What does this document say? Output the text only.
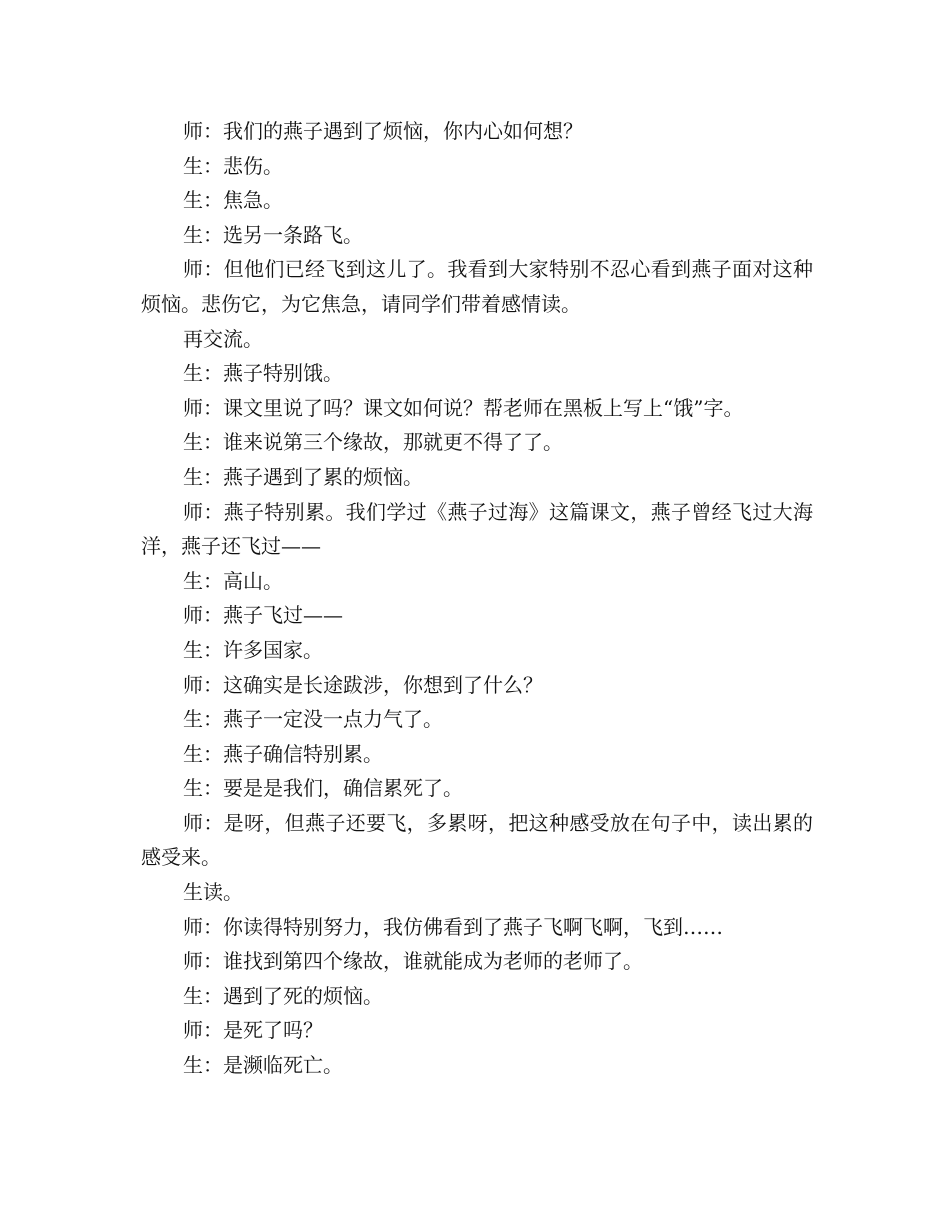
师：我们的燕子遇到了烦恼，你内心如何想？

生：悲伤。

生：焦急。

生：选另一条路飞。

师：但他们已经飞到这儿了。我看到大家特别不忍心看到燕子面对这种烦恼。悲伤它，为它焦急，请同学们带着感情读。

再交流。

生：燕子特别饿。

师：课文里说了吗？课文如何说？帮老师在黑板上写上“饿”字。

生：谁来说第三个缘故，那就更不得了了。

生：燕子遇到了累的烦恼。

师：燕子特别累。我们学过《燕子过海》这篇课文，燕子曾经飞过大海洋，燕子还飞过——

生：高山。

师：燕子飞过——

生：许多国家。

师：这确实是长途跋涉，你想到了什么？

生：燕子一定没一点力气了。

生：燕子确信特别累。

生：要是是我们，确信累死了。

师：是呀，但燕子还要飞，多累呀，把这种感受放在句子中，读出累的感受来。

生读。

师：你读得特别努力，我仿佛看到了燕子飞啊飞啊，飞到……

师：谁找到第四个缘故，谁就能成为老师的老师了。

生：遇到了死的烦恼。

师：是死了吗？

生：是濒临死亡。
